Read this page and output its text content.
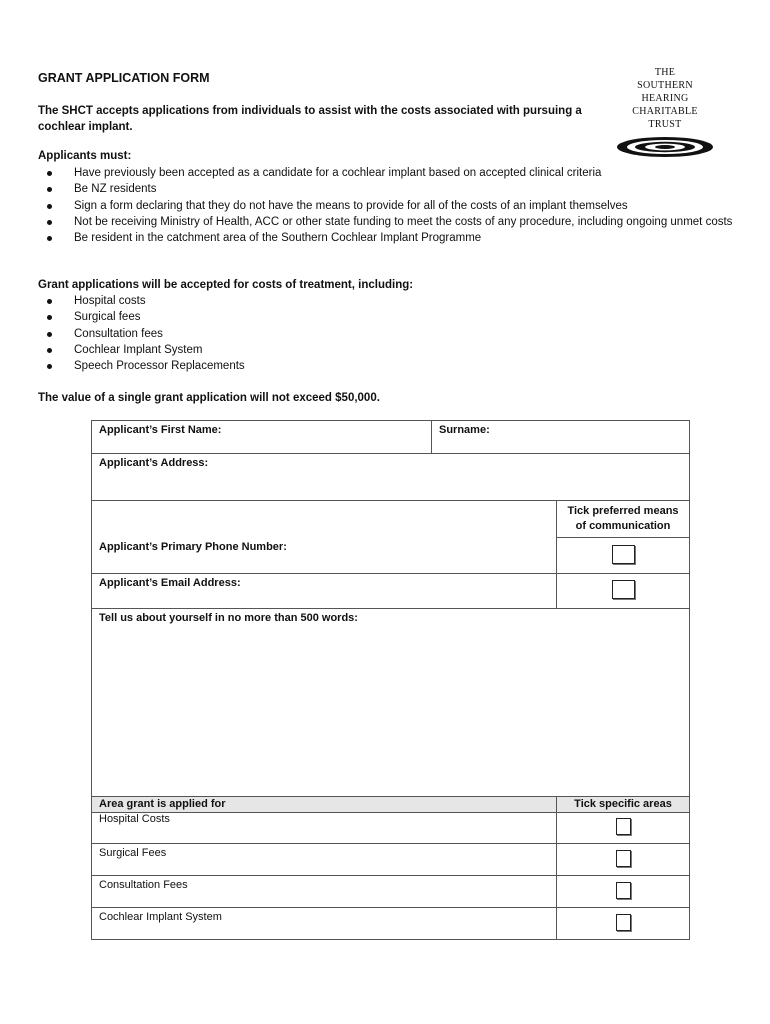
GRANT APPLICATION FORM
The SHCT accepts applications from individuals to assist with the costs associated with pursuing a cochlear implant.
THE
SOUTHERN
HEARING
CHARITABLE
TRUST
Applicants must:
Have previously been accepted as a candidate for a cochlear implant based on accepted clinical criteria
Be NZ residents
Sign a form declaring that they do not have the means to provide for all of the costs of an implant themselves
Not be receiving Ministry of Health, ACC or other state funding to meet the costs of any procedure, including ongoing unmet costs
Be resident in the catchment area of the Southern Cochlear Implant Programme
Grant applications will be accepted for costs of treatment, including:
Hospital costs
Surgical fees
Consultation fees
Cochlear Implant System
Speech Processor Replacements
The value of a single grant application will not exceed $50,000.
Applicant’s First Name:	Surname:	
Applicant’s Address:		
		Tick preferred means of communication
Applicant’s Primary Phone Number:		
Applicant’s Email Address:		
Tell us about yourself in no more than 500 words:		
Area grant is applied for		Tick specific areas
Hospital Costs		
Surgical Fees		
Consultation Fees		
Cochlear Implant System		
